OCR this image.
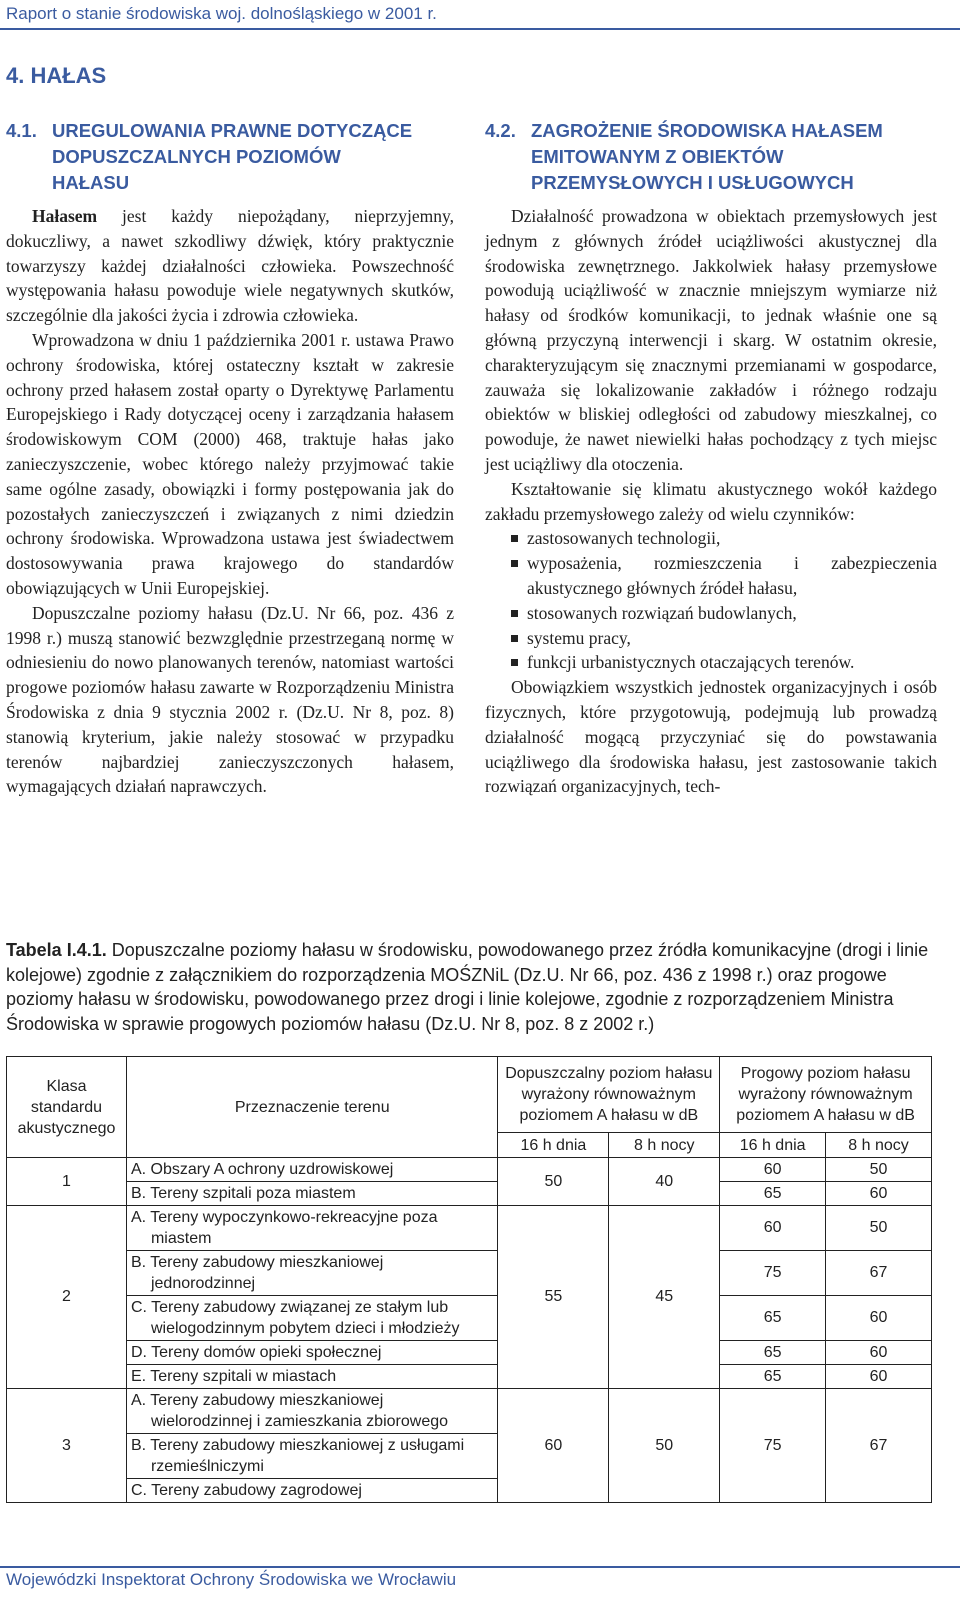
Raport o stanie środowiska woj. dolnośląskiego w 2001 r.
4. HAŁAS
4.1. UREGULOWANIA PRAWNE DOTYCZĄCE
DOPUSZCZALNYCH POZIOMÓW
HAŁASU

Hałasem jest każdy niepożądany, nieprzyjemny, dokuczliwy, a nawet szkodliwy dźwięk, który praktycznie towarzyszy każdej działalności człowieka. Powszechność występowania hałasu powoduje wiele negatywnych skutków, szczególnie dla jakości życia i zdrowia człowieka.

Wprowadzona w dniu 1 października 2001 r. ustawa Prawo ochrony środowiska, której ostateczny kształt w zakresie ochrony przed hałasem został oparty o Dyrektywę Parlamentu Europejskiego i Rady dotyczącej oceny i zarządzania hałasem środowiskowym COM (2000) 468, traktuje hałas jako zanieczyszczenie, wobec którego należy przyjmować takie same ogólne zasady, obowiązki i formy postępowania jak do pozostałych zanieczyszczeń i związanych z nimi dziedzin ochrony środowiska. Wprowadzona ustawa jest świadectwem dostosowywania prawa krajowego do standardów obowiązujących w Unii Europejskiej.

Dopuszczalne poziomy hałasu (Dz.U. Nr 66, poz. 436 z 1998 r.) muszą stanowić bezwzględnie przestrzeganą normę w odniesieniu do nowo planowanych terenów, natomiast wartości progowe poziomów hałasu zawarte w Rozporządzeniu Ministra Środowiska z dnia 9 stycznia 2002 r. (Dz.U. Nr 8, poz. 8) stanowią kryterium, jakie należy stosować w przypadku terenów najbardziej zanieczyszczonych hałasem, wymagających działań naprawczych.

4.2. ZAGROŻENIE ŚRODOWISKA HAŁASEM
EMITOWANYM Z OBIEKTÓW
PRZEMYSŁOWYCH I USŁUGOWYCH

Działalność prowadzona w obiektach przemysłowych jest jednym z głównych źródeł uciążliwości akustycznej dla środowiska zewnętrznego. Jakkolwiek hałasy przemysłowe powodują uciążliwość w znacznie mniejszym wymiarze niż hałasy od środków komunikacji, to jednak właśnie one są główną przyczyną interwencji i skarg. W ostatnim okresie, charakteryzującym się znacznymi przemianami w gospodarce, zauważa się lokalizowanie zakładów i różnego rodzaju obiektów w bliskiej odległości od zabudowy mieszkalnej, co powoduje, że nawet niewielki hałas pochodzący z tych miejsc jest uciążliwy dla otoczenia.

Kształtowanie się klimatu akustycznego wokół każdego zakładu przemysłowego zależy od wielu czynników:

zastosowanych technologii,
wyposażenia, rozmieszczenia i zabezpieczenia akustycznego głównych źródeł hałasu,
stosowanych rozwiązań budowlanych,
systemu pracy,
funkcji urbanistycznych otaczających terenów.

Obowiązkiem wszystkich jednostek organizacyjnych i osób fizycznych, które przygotowują, podejmują lub prowadzą działalność mogącą przyczyniać się do powstawania uciążliwego dla środowiska hałasu, jest zastosowanie takich rozwiązań organizacyjnych, tech-

Tabela I.4.1. Dopuszczalne poziomy hałasu w środowisku, powodowanego przez źródła komunikacyjne (drogi i linie kolejowe) zgodnie z załącznikiem do rozporządzenia MOŚZNiL (Dz.U. Nr 66, poz. 436 z 1998 r.) oraz progowe poziomy hałasu w środowisku, powodowanego przez drogi i linie kolejowe, zgodnie z rozporządzeniem Ministra Środowiska w sprawie progowych poziomów hałasu (Dz.U. Nr 8, poz. 8 z 2002 r.)

Klasa standardu akustycznego	Przeznaczenie terenu	Dopuszczalny poziom hałasu wyrażony równoważnym poziomem A hałasu w dB		Progowy poziom hałasu wyrażony równoważnym poziomem A hałasu w dB	
		16 h dnia	8 h nocy	16 h dnia	8 h nocy
1	A. Obszary A ochrony uzdrowiskowej	50	40	60	50
	B. Tereny szpitali poza miastem			65	60
2	A. Tereny wypoczynkowo-rekreacyjne poza
miastem	55	45	60	50
	B. Tereny zabudowy mieszkaniowej
jednorodzinnej			75	67
	C. Tereny zabudowy związanej ze stałym lub
wielogodzinnym pobytem dzieci i młodzieży			65	60
	D. Tereny domów opieki społecznej			65	60
	E. Tereny szpitali w miastach			65	60
3	A. Tereny zabudowy mieszkaniowej
wielorodzinnej i zamieszkania zbiorowego	60	50	75	67
	B. Tereny zabudowy mieszkaniowej z usługami
rzemieślniczymi				

	C. Tereny zabudowy zagrodowej				
Wojewódzki Inspektorat Ochrony Środowiska we Wrocławiu
